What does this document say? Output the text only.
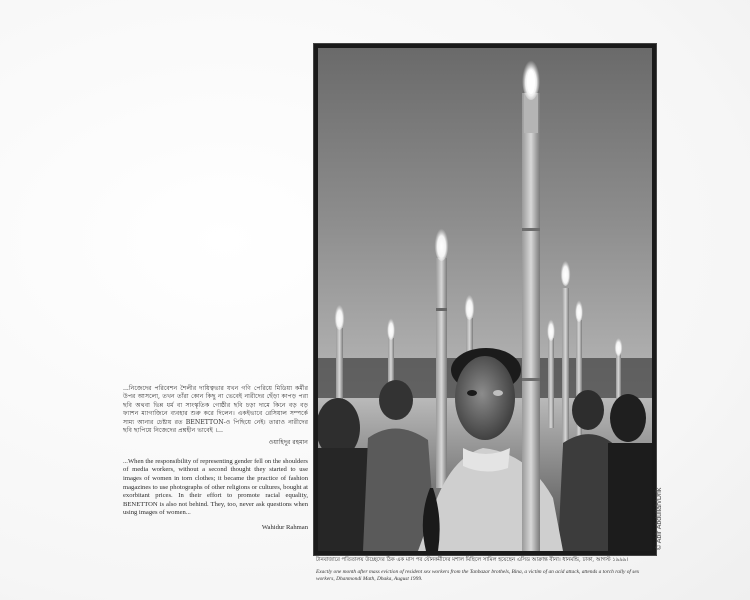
...নিজেদের পরিবেশন শৈলীর দায়িত্বভার যখন গণি পেরিয়ে মিডিয়া কর্মীর উপর আসলো, তখন তাঁরা কোন কিছু না ভেবেই নারীদের ছেঁড়া কাপড় পরা ছবি অথবা ভিন্ন ধর্ম বা সাংস্কৃতিক গোষ্ঠীর ছবি চড়া দামে কিনে বড় বড় ফ্যাশন ম্যাগাজিনে ব্যবহার শুরু করে দিলেন। একইভাবে রেসিয়াল সম্পর্কে সাম্য আনার চেষ্টায় রত BENETTON-ও পিছিয়ে নেই। তারাও নারীদের ছবি ছাপিয়ে নিজেদের প্রশ্নহীন ভাবেই ।...

ওয়াহিদুর রহমান

...When the responsibility of representing gender fell on the shoulders of media workers, without a second thought they started to use images of women in torn clothes; it became the practice of fashion magazines to use photographs of other religions or cultures, bought at exorbitant prices. In their effort to promote racial equality, BENETTON is also not behind. They, too, never ask questions when using images of women...

Wahidur Rahman

টানবাজারে পতিতালয় উচ্ছেদের ঠিক এক মাস পর যৌনকর্মীদের মশাল মিছিলে সামিল হয়েছেন এসিড আক্রান্ত বীনা। ধানমন্ডি, ঢাকা, আগস্ট ১৯৯৯।

Exactly one month after mass eviction of resident sex workers from the Tanbazar brothels, Bina, a victim of an acid attack, attends a torch rally of sex workers, Dhanmondi Math, Dhaka, August 1999.

© Abir Abdullah/Drik
